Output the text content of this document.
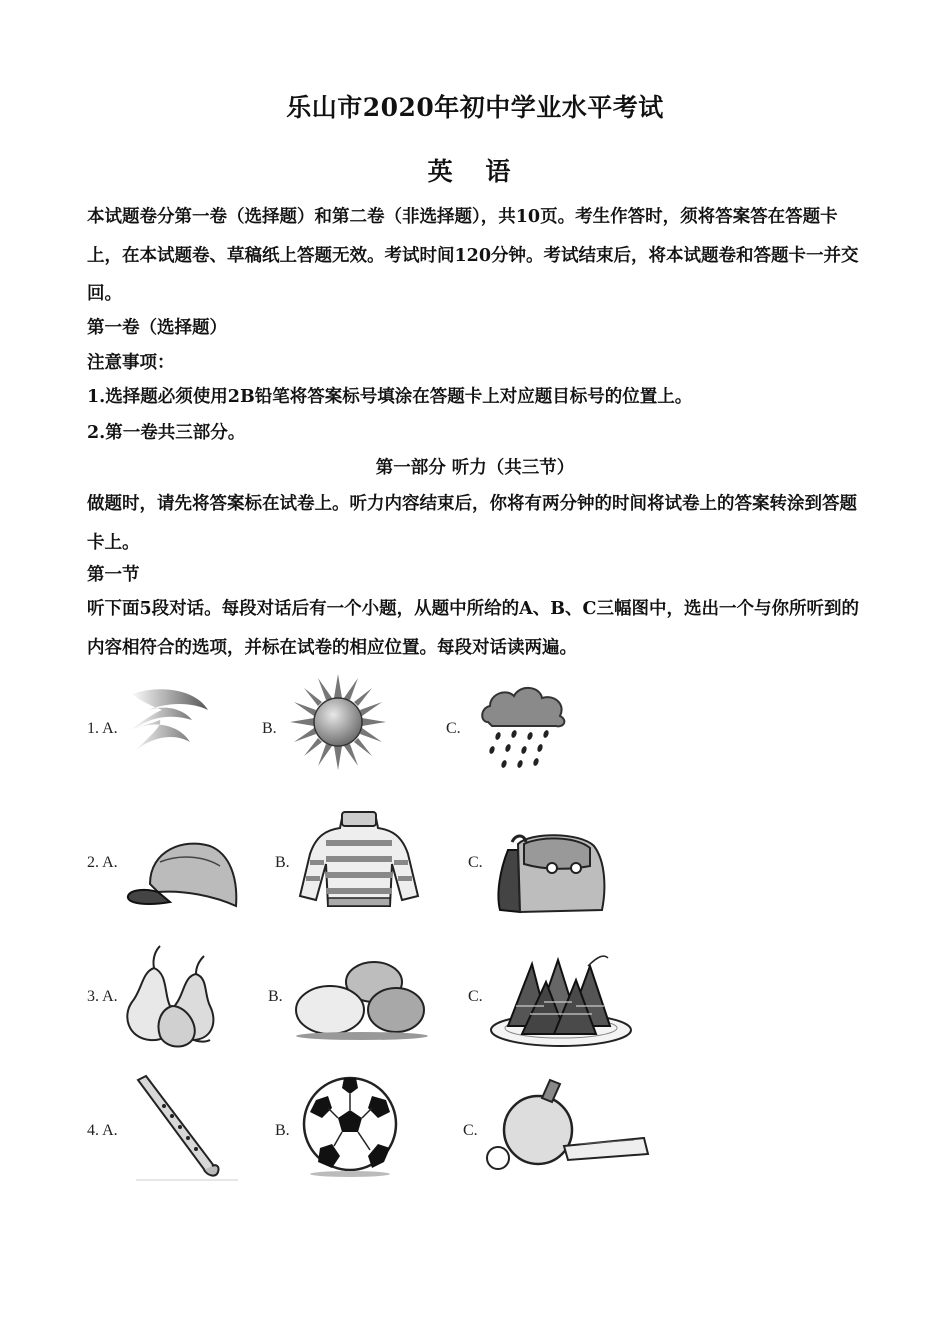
乐山市2020年初中学业水平考试
英 语

本试题卷分第一卷（选择题）和第二卷（非选择题），共10页。考生作答时，须将答案答在答题卡上，在本试题卷、草稿纸上答题无效。考试时间120分钟。考试结束后，将本试题卷和答题卡一并交回。

第一卷（选择题）
注意事项：
1.选择题必须使用2B铅笔将答案标号填涂在答题卡上对应题目标号的位置上。
2.第一卷共三部分。
第一部分 听力（共三节）

做题时，请先将答案标在试卷上。听力内容结束后，你将有两分钟的时间将试卷上的答案转涂到答题卡上。

第一节

听下面5段对话。每段对话后有一个小题，从题中所给的A、B、C三幅图中，选出一个与你所听到的内容相符合的选项，并标在试卷的相应位置。每段对话读两遍。

1. A.	B.	C.
2. A.	B.	C.
3. A.	B.	C.
4. A.	B.	C.
